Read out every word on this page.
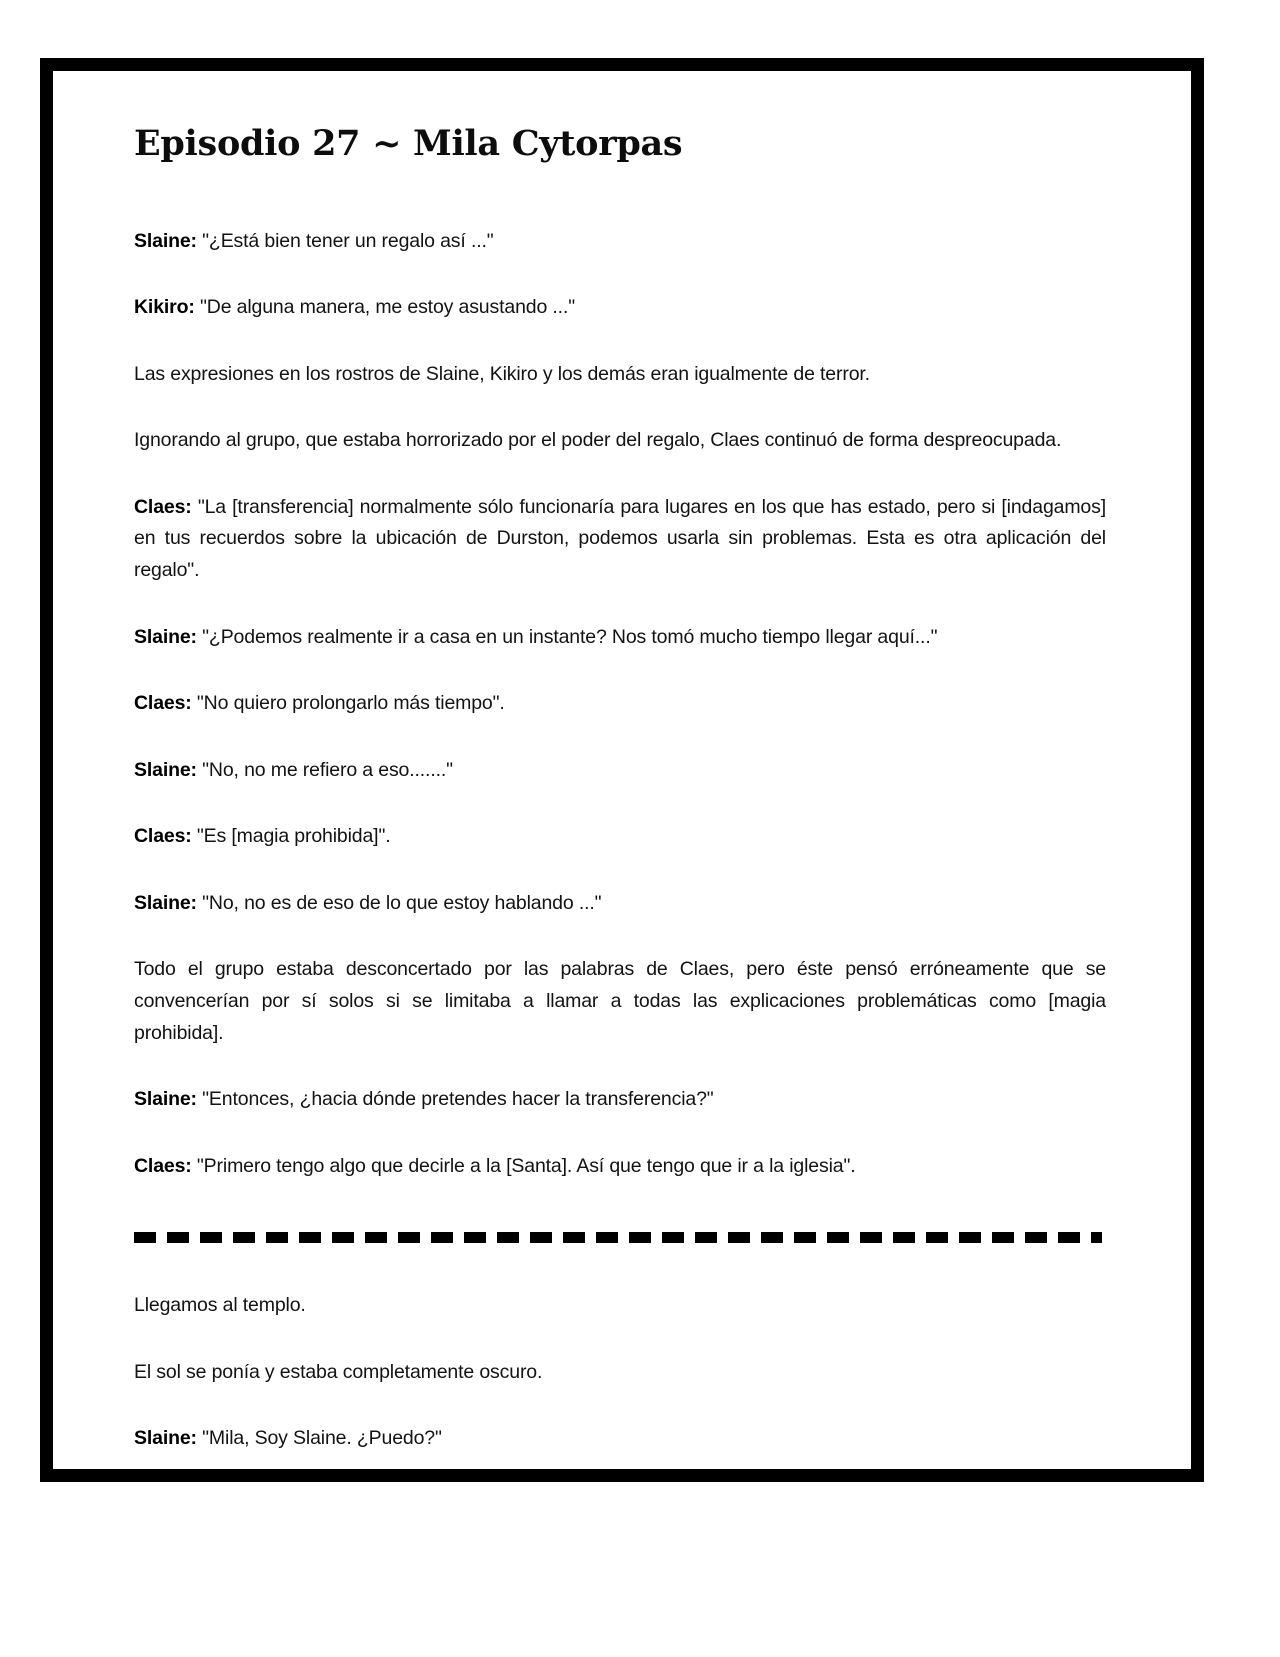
Episodio 27 ~ Mila Cytorpas

Slaine: "¿Está bien tener un regalo así ..."

Kikiro: "De alguna manera, me estoy asustando ..."

Las expresiones en los rostros de Slaine, Kikiro y los demás eran igualmente de terror.

Ignorando al grupo, que estaba horrorizado por el poder del regalo, Claes continuó de forma despreocupada.

Claes: "La [transferencia] normalmente sólo funcionaría para lugares en los que has estado, pero si [indagamos] en tus recuerdos sobre la ubicación de Durston, podemos usarla sin problemas. Esta es otra aplicación del regalo".

Slaine: "¿Podemos realmente ir a casa en un instante? Nos tomó mucho tiempo llegar aquí..."

Claes: "No quiero prolongarlo más tiempo".

Slaine: "No, no me refiero a eso......."

Claes: "Es [magia prohibida]".

Slaine: "No, no es de eso de lo que estoy hablando ..."

Todo el grupo estaba desconcertado por las palabras de Claes, pero éste pensó erróneamente que se convencerían por sí solos si se limitaba a llamar a todas las explicaciones problemáticas como [magia prohibida].

Slaine: "Entonces, ¿hacia dónde pretendes hacer la transferencia?"

Claes: "Primero tengo algo que decirle a la [Santa]. Así que tengo que ir a la iglesia".

Llegamos al templo.

El sol se ponía y estaba completamente oscuro.

Slaine: "Mila, Soy Slaine. ¿Puedo?"
